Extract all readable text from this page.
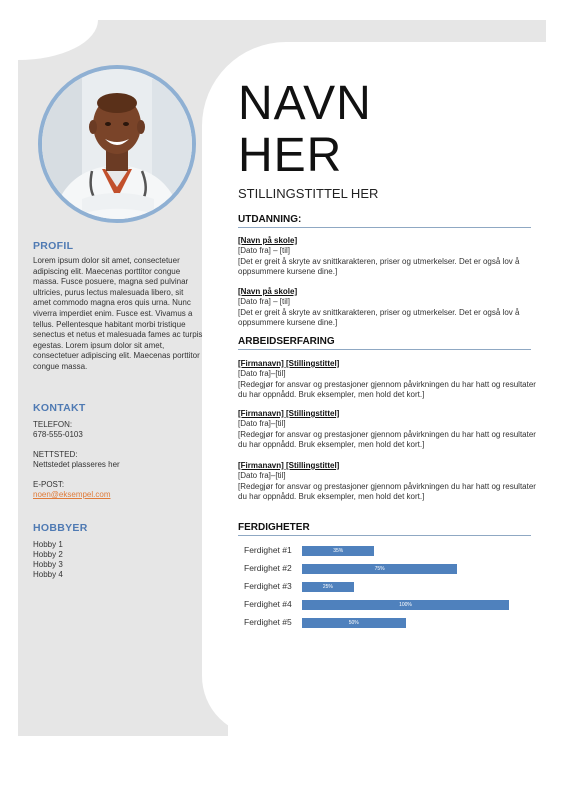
PROFIL
Lorem ipsum dolor sit amet, consectetuer adipiscing elit. Maecenas porttitor congue massa. Fusce posuere, magna sed pulvinar ultricies, purus lectus malesuada libero, sit amet commodo magna eros quis urna. Nunc viverra imperdiet enim. Fusce est. Vivamus a tellus. Pellentesque habitant morbi tristique senectus et netus et malesuada fames ac turpis egestas. Lorem ipsum dolor sit amet, consectetuer adipiscing elit. Maecenas porttitor congue massa.
KONTAKT
TELEFON:
678-555-0103
NETTSTED:
Nettstedet plasseres her
E-POST:
noen@eksempel.com
HOBBYER
Hobby 1
Hobby 2
Hobby 3
Hobby 4
NAVN
HER
STILLINGSTITTEL HER
UTDANNING:
[Navn på skole]
[Dato fra] – [til]
[Det er greit å skryte av snittkarakteren, priser og utmerkelser. Det er også lov å oppsummere kursene dine.]
[Navn på skole]
[Dato fra] – [til]
[Det er greit å skryte av snittkarakteren, priser og utmerkelser. Det er også lov å oppsummere kursene dine.]
ARBEIDSERFARING
[Firmanavn] [Stillingstittel]
[Dato fra]–[til]
[Redegjør for ansvar og prestasjoner gjennom påvirkningen du har hatt og resultater du har oppnådd. Bruk eksempler, men hold det kort.]
[Firmanavn] [Stillingstittel]
[Dato fra]–[til]
[Redegjør for ansvar og prestasjoner gjennom påvirkningen du har hatt og resultater du har oppnådd. Bruk eksempler, men hold det kort.]
[Firmanavn] [Stillingstittel]
[Dato fra]–[til]
[Redegjør for ansvar og prestasjoner gjennom påvirkningen du har hatt og resultater du har oppnådd. Bruk eksempler, men hold det kort.]
FERDIGHETER
Ferdighet #1	35%
Ferdighet #2	75%
Ferdighet #3	25%
Ferdighet #4	100%
Ferdighet #5	50%
